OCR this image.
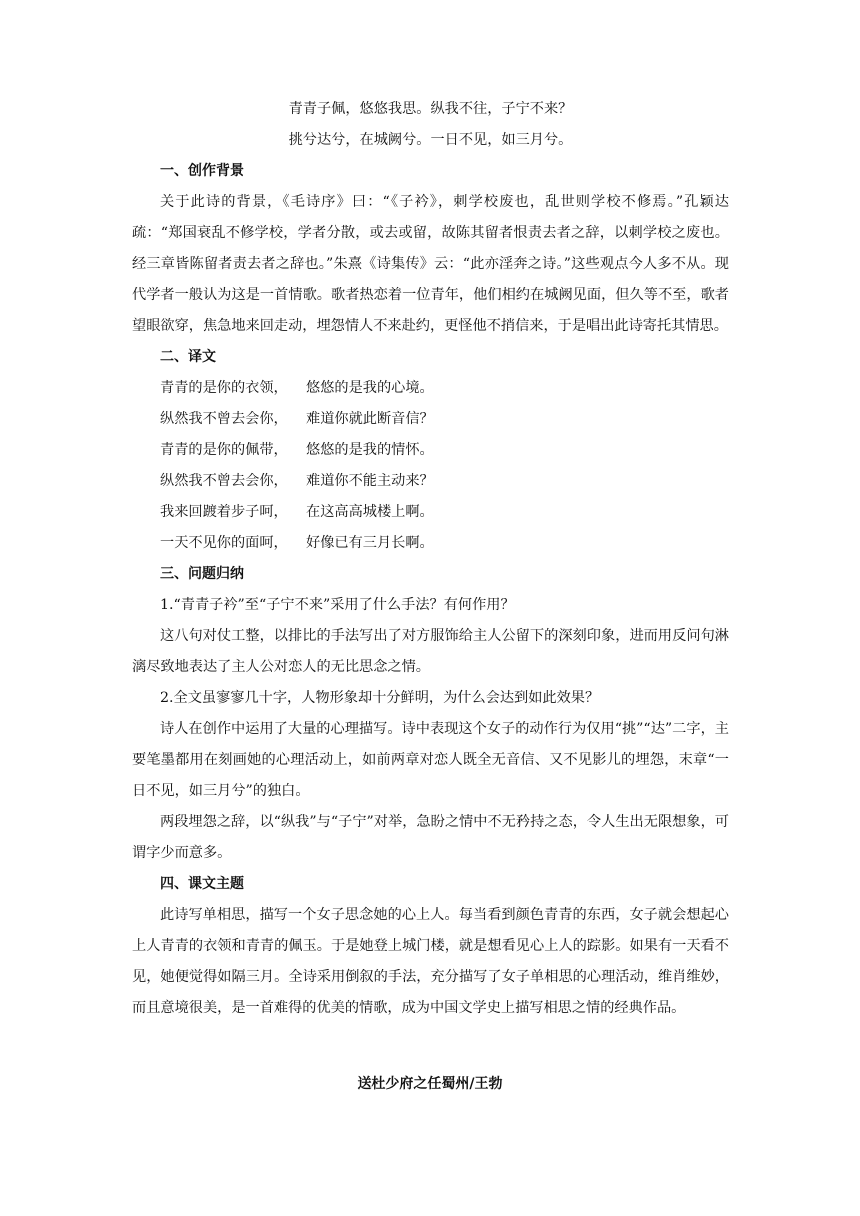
青青子佩，悠悠我思。纵我不往，子宁不来？

挑兮达兮，在城阙兮。一日不见，如三月兮。

一、创作背景

关于此诗的背景，《毛诗序》曰：“《子衿》，刺学校废也，乱世则学校不修焉。”孔颖达疏：“郑国衰乱不修学校，学者分散，或去或留，故陈其留者恨责去者之辞，以刺学校之废也。经三章皆陈留者责去者之辞也。”朱熹《诗集传》云：“此亦淫奔之诗。”这些观点今人多不从。现代学者一般认为这是一首情歌。歌者热恋着一位青年，他们相约在城阙见面，但久等不至，歌者望眼欲穿，焦急地来回走动，埋怨情人不来赴约，更怪他不捎信来，于是唱出此诗寄托其情思。

二、译文

青青的是你的衣领， 悠悠的是我的心境。

纵然我不曾去会你， 难道你就此断音信？

青青的是你的佩带， 悠悠的是我的情怀。

纵然我不曾去会你， 难道你不能主动来？

我来回踱着步子呵， 在这高高城楼上啊。

一天不见你的面呵， 好像已有三月长啊。

三、问题归纳

1.“青青子衿”至“子宁不来”采用了什么手法？有何作用？

这八句对仗工整，以排比的手法写出了对方服饰给主人公留下的深刻印象，进而用反问句淋漓尽致地表达了主人公对恋人的无比思念之情。

2.全文虽寥寥几十字，人物形象却十分鲜明，为什么会达到如此效果？

诗人在创作中运用了大量的心理描写。诗中表现这个女子的动作行为仅用“挑”“达”二字，主要笔墨都用在刻画她的心理活动上，如前两章对恋人既全无音信、又不见影儿的埋怨，末章“一日不见，如三月兮”的独白。

两段埋怨之辞，以“纵我”与“子宁”对举，急盼之情中不无矜持之态，令人生出无限想象，可谓字少而意多。

四、课文主题

此诗写单相思，描写一个女子思念她的心上人。每当看到颜色青青的东西，女子就会想起心上人青青的衣领和青青的佩玉。于是她登上城门楼，就是想看见心上人的踪影。如果有一天看不见，她便觉得如隔三月。全诗采用倒叙的手法，充分描写了女子单相思的心理活动，维肖维妙，而且意境很美，是一首难得的优美的情歌，成为中国文学史上描写相思之情的经典作品。

送杜少府之任蜀州/王勃
